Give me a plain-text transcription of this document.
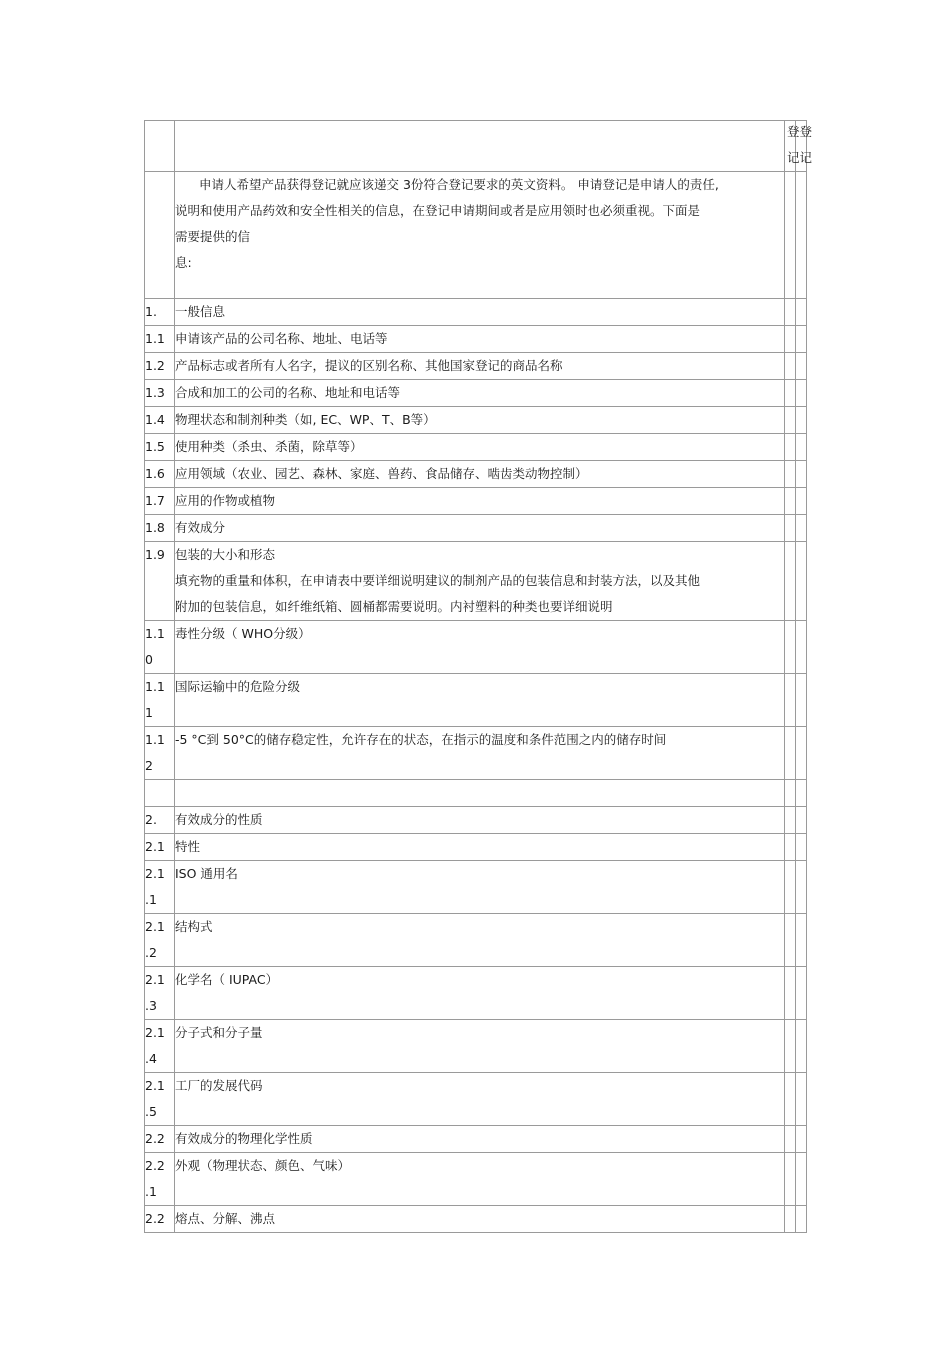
		登登
记记	

	申请人希望产品获得登记就应该递交 3份符合登记要求的英文资料。 申请登记是申请人的责任,
说明和使用产品药效和安全性相关的信息，在登记申请期间或者是应用领时也必须重视。下面是
需要提供的信
息:		

1.	一般信息		

1.1	申请该产品的公司名称、地址、电话等		

1.2	产品标志或者所有人名字，提议的区别名称、其他国家登记的商品名称		

1.3	合成和加工的公司的名称、地址和电话等		

1.4	物理状态和制剂种类（如, EC、WP、T、B等）		

1.5	使用种类（杀虫、杀菌，除草等）		

1.6	应用领域（农业、园艺、森林、家庭、兽药、食品储存、啮齿类动物控制）		

1.7	应用的作物或植物		

1.8	有效成分		

1.9	包装的大小和形态
填充物的重量和体积，在申请表中要详细说明建议的制剂产品的包装信息和封装方法，以及其他
附加的包装信息，如纤维纸箱、圆桶都需要说明。内衬塑料的种类也要详细说明		

1.1
0	毒性分级（ WHO分级）		

1.1
1	国际运输中的危险分级		

1.1
2	-5 °C到 50°C的储存稳定性，允许存在的状态，在指示的温度和条件范围之内的储存时间		

2.	有效成分的性质		

2.1	特性		

2.1
.1	ISO 通用名		

2.1
.2	结构式		

2.1
.3	化学名（ IUPAC）		

2.1
.4	分子式和分子量		

2.1
.5	工厂的发展代码		

2.2	有效成分的物理化学性质		

2.2
.1	外观（物理状态、颜色、气味）		

2.2	熔点、分解、沸点		
